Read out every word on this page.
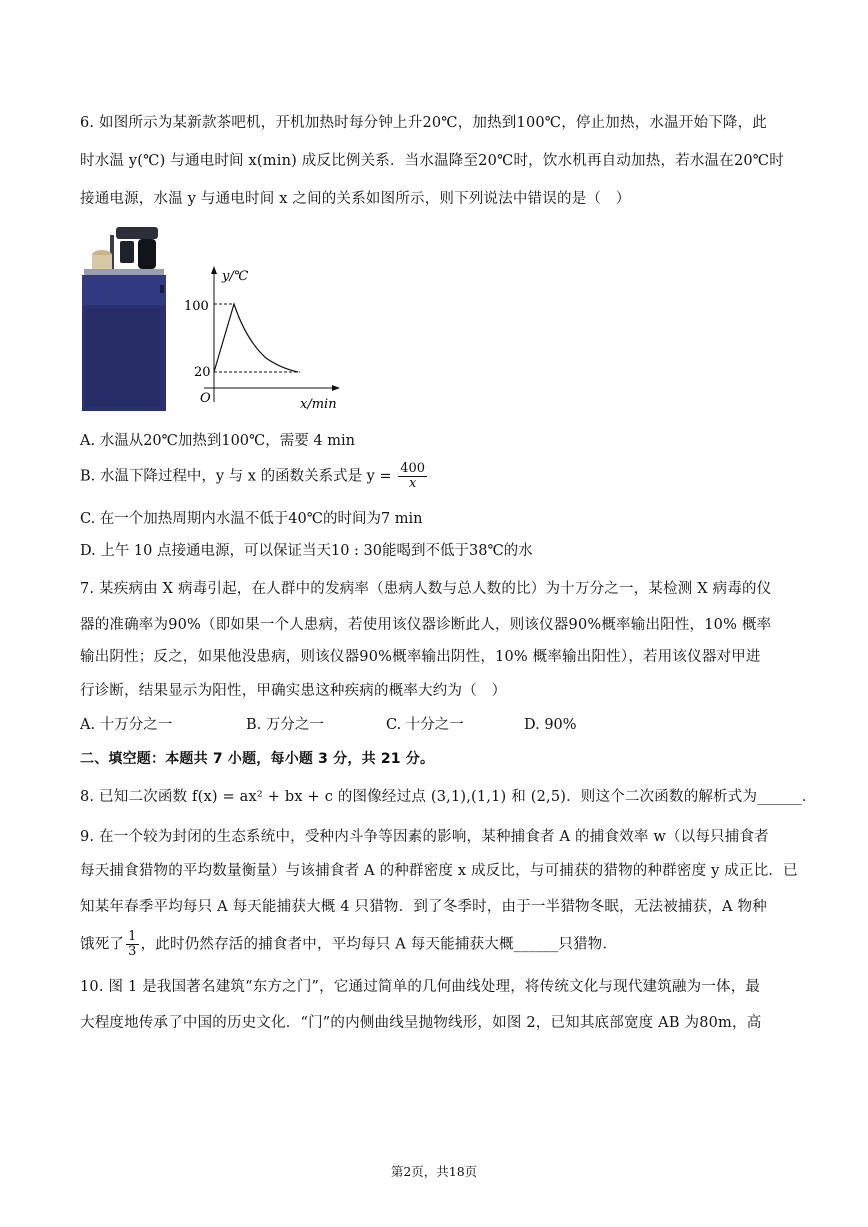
6. 如图所示为某新款茶吧机，开机加热时每分钟上升20℃，加热到100℃，停止加热，水温开始下降，此
时水温 y(℃) 与通电时间 x(min) 成反比例关系．当水温降至20℃时，饮水机再自动加热，若水温在20℃时
接通电源，水温 y 与通电时间 x 之间的关系如图所示，则下列说法中错误的是（　）
y/℃
x/min
O
100
20
A. 水温从20℃加热到100℃，需要 4 min
B. 水温下降过程中，y 与 x 的函数关系式是 $y = \frac{400}{x}$
C. 在一个加热周期内水温不低于40℃的时间为7 min
D. 上午 10 点接通电源，可以保证当天10 : 30能喝到不低于38℃的水
7. 某疾病由 X 病毒引起，在人群中的发病率（患病人数与总人数的比）为十万分之一，某检测 X 病毒的仪
器的准确率为90%（即如果一个人患病，若使用该仪器诊断此人，则该仪器90%概率输出阳性，10% 概率
输出阴性；反之，如果他没患病，则该仪器90%概率输出阴性，10% 概率输出阳性），若用该仪器对甲进
行诊断，结果显示为阳性，甲确实患这种疾病的概率大约为（　）
A. 十万分之一	B. 万分之一	C. 十分之一	D. 90%
二、填空题：本题共 7 小题，每小题 3 分，共 21 分。
8. 已知二次函数 f(x) = ax² + bx + c 的图像经过点 (3,1),(1,1) 和 (2,5)．则这个二次函数的解析式为______．
9. 在一个较为封闭的生态系统中，受种内斗争等因素的影响，某种捕食者 A 的捕食效率 w（以每只捕食者
每天捕食猎物的平均数量衡量）与该捕食者 A 的种群密度 x 成反比，与可捕获的猎物的种群密度 y 成正比．已
知某年春季平均每只 A 每天能捕获大概 4 只猎物．到了冬季时，由于一半猎物冬眠，无法被捕获，A 物种
饿死了 $\frac{1}{3}$ ，此时仍然存活的捕食者中，平均每只 A 每天能捕获大概______只猎物．
10. 图 1 是我国著名建筑“东方之门”，它通过简单的几何曲线处理，将传统文化与现代建筑融为一体，最
大程度地传承了中国的历史文化．“门”的内侧曲线呈抛物线形，如图 2，已知其底部宽度 AB 为80m，高
第2页，共18页
